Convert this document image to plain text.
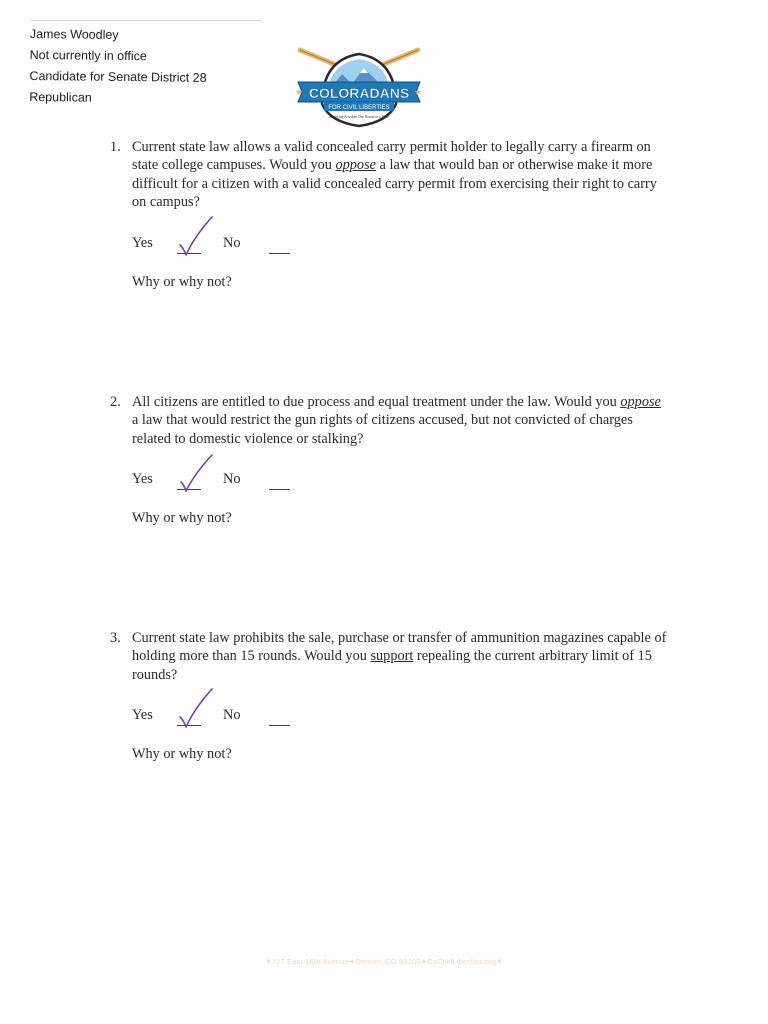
James Woodley
Not currently in office
Candidate for Senate District 28
Republican	COLORADANS
★	★
FOR CIVIL LIBERTIES
Restoring Freedom One Round at a Time
1. Current state law allows a valid concealed carry permit holder to legally carry a firearm on state college campuses. Would you oppose a law that would ban or otherwise make it more difficult for a citizen with a valid concealed carry permit from exercising their right to carry on campus?
Yes	No
Why or why not?
2. All citizens are entitled to due process and equal treatment under the law. Would you oppose a law that would restrict the gun rights of citizens accused, but not convicted of charges related to domestic violence or stalking?
Yes	No
Why or why not?
3. Current state law prohibits the sale, purchase or transfer of ammunition magazines capable of holding more than 15 rounds. Would you support repealing the current arbitrary limit of 15 rounds?
Yes	No
Why or why not?
✦727 East 16th Avenue✦Denver, CO 80203✦CoCivilLiberties.org✦
